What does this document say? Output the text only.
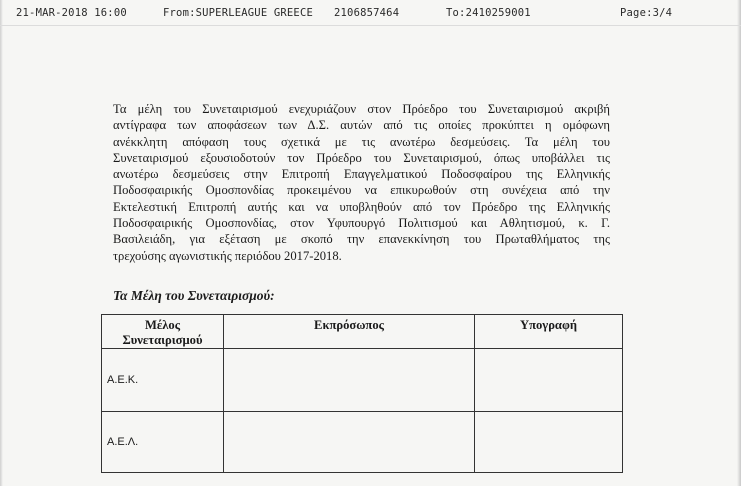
21-MAR-2018 16:00	From:SUPERLEAGUE GREECE 2106857464	To:2410259001	Page:3/4

Τα μέλη του Συνεταιρισμού ενεχυριάζουν στον Πρόεδρο του Συνεταιρισμού ακριβή
αντίγραφα των αποφάσεων των Δ.Σ. αυτών από τις οποίες προκύπτει η ομόφωνη
ανέκκλητη απόφαση τους σχετικά με τις ανωτέρω δεσμεύσεις. Τα μέλη του
Συνεταιρισμού εξουσιοδοτούν τον Πρόεδρο του Συνεταιρισμού, όπως υποβάλλει τις
ανωτέρω δεσμεύσεις στην Επιτροπή Επαγγελματικού Ποδοσφαίρου της Ελληνικής
Ποδοσφαιρικής Ομοσπονδίας προκειμένου να επικυρωθούν στη συνέχεια από την
Εκτελεστική Επιτροπή αυτής και να υποβληθούν από τον Πρόεδρο της Ελληνικής
Ποδοσφαιρικής Ομοσπονδίας, στον Υφυπουργό Πολιτισμού και Αθλητισμού, κ. Γ.
Βασιλειάδη, για εξέταση με σκοπό την επανεκκίνηση του Πρωταθλήματος της
τρεχούσης αγωνιστικής περιόδου 2017-2018.

Τα Μέλη του Συνεταιρισμού:

Μέλος
Συνεταιρισμού	Εκπρόσωπος	Υπογραφή
Α.Ε.Κ.		
Α.Ε.Λ.		
